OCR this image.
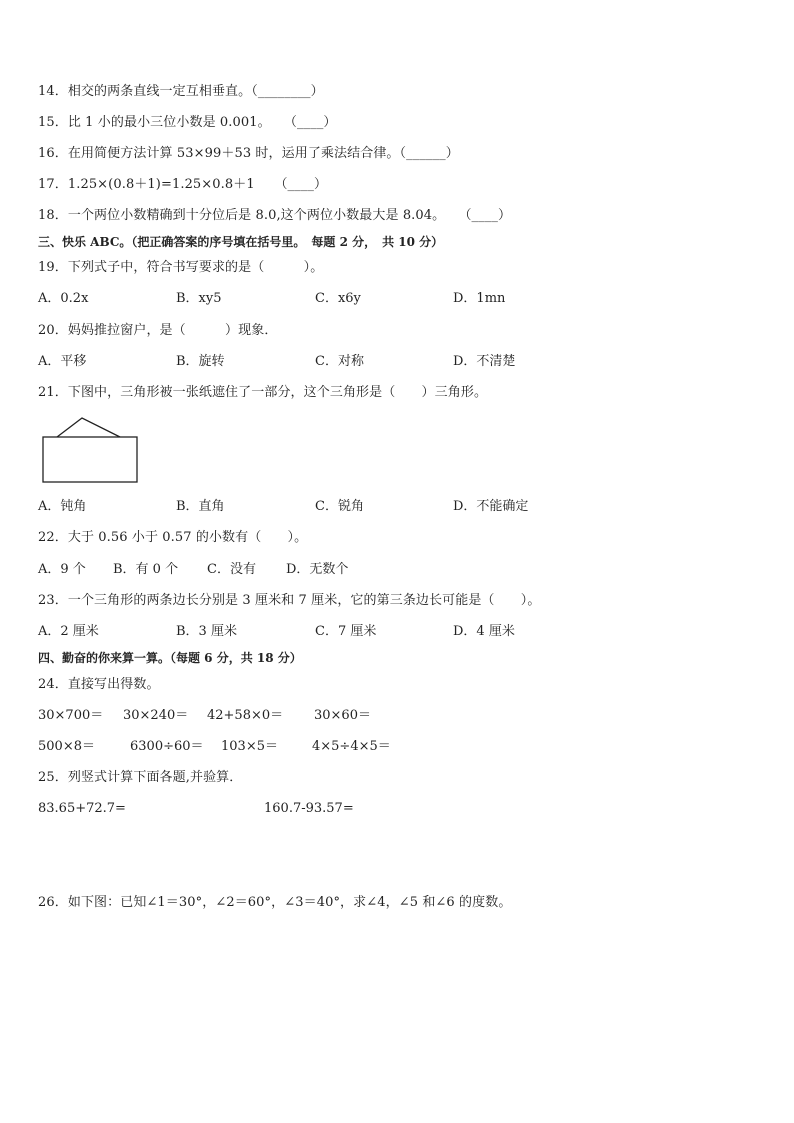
14．相交的两条直线一定互相垂直。（________）
15．比 1 小的最小三位小数是 0.001。　　（____）
16．在用简便方法计算 53×99＋53 时，运用了乘法结合律。（______）
17．1.25×(0.8＋1)=1.25×0.8＋1　　（____）
18．一个两位小数精确到十分位后是 8.0,这个两位小数最大是 8.04。　　（____）
三、快乐 ABC。（把正确答案的序号填在括号里。　每题 2 分，　共 10 分）
19．下列式子中，符合书写要求的是（　　　）。
A．0.2x	B．xy5	C．x6y	D．1mn
20．妈妈推拉窗户，是（　　　）现象．
A．平移	B．旋转	C．对称	D．不清楚
21．下图中，三角形被一张纸遮住了一部分，这个三角形是（　　）三角形。
A．钝角	B．直角	C．锐角	D．不能确定
22．大于 0.56 小于 0.57 的小数有（　　）。
A．9 个 B．有 0 个 C．没有 D．无数个
23．一个三角形的两条边长分别是 3 厘米和 7 厘米，它的第三条边长可能是（　　）。
A．2 厘米	B．3 厘米	C．7 厘米	D．4 厘米
四、勤奋的你来算一算。（每题 6 分，共 18 分）
24．直接写出得数。
30×700＝ 30×240＝ 42+58×0＝ 30×60＝
500×8＝	6300÷60＝ 103×5＝	4×5÷4×5＝
25．列竖式计算下面各题,并验算．
83.65+72.7=	160.7-93.57=
26．如下图：已知∠1＝30°，∠2＝60°，∠3＝40°，求∠4，∠5 和∠6 的度数。
